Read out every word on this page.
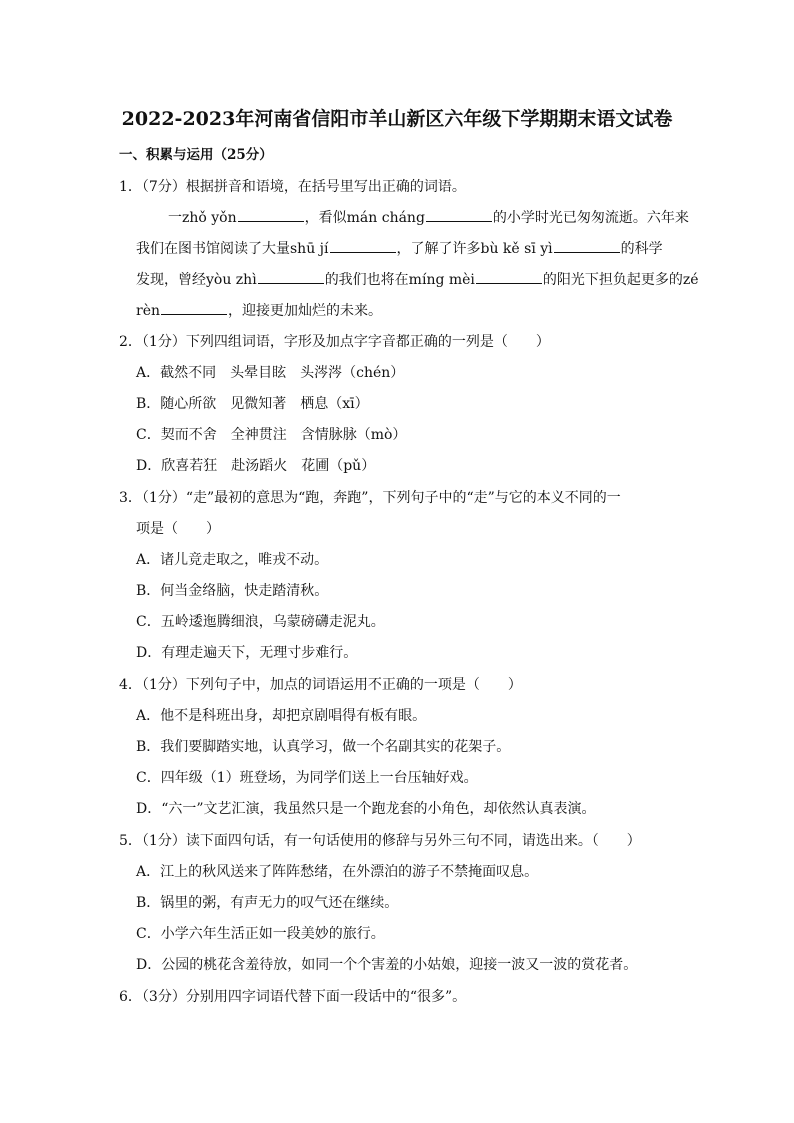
2022-2023年河南省信阳市羊山新区六年级下学期期末语文试卷
一、积累与运用（25分）
1．（7分）根据拼音和语境，在括号里写出正确的词语。
一zhǒ yǒn	，看似mán cháng	的小学时光已匆匆流逝。六年来
我们在图书馆阅读了大量shū jí	，了解了许多bù kě sī yì	的科学
发现，曾经yòu zhì	的我们也将在míng mèi	的阳光下担负起更多的zé
rèn	，迎接更加灿烂的未来。
2．（1分）下列四组词语，字形及加点字字音都正确的一列是（　　）
A．截然不同　头晕目眩　头涔涔（chén）
B．随心所欲　见微知著　栖息（xī）
C．契而不舍　全神贯注　含情脉脉（mò）
D．欣喜若狂　赴汤蹈火　花圃（pǔ）
3．（1分）“走”最初的意思为“跑，奔跑”，下列句子中的“走”与它的本义不同的一
项是（　　）
A．诸儿竞走取之，唯戎不动。
B．何当金络脑，快走踏清秋。
C．五岭逶迤腾细浪，乌蒙磅礴走泥丸。
D．有理走遍天下，无理寸步难行。
4．（1分）下列句子中，加点的词语运用不正确的一项是（　　）
A．他不是科班出身，却把京剧唱得有板有眼。
B．我们要脚踏实地，认真学习，做一个名副其实的花架子。
C．四年级（1）班登场，为同学们送上一台压轴好戏。
D．“六一”文艺汇演，我虽然只是一个跑龙套的小角色，却依然认真表演。
5．（1分）读下面四句话，有一句话使用的修辞与另外三句不同，请选出来。（　　）
A．江上的秋风送来了阵阵愁绪，在外漂泊的游子不禁掩面叹息。
B．锅里的粥，有声无力的叹气还在继续。
C．小学六年生活正如一段美妙的旅行。
D．公园的桃花含羞待放，如同一个个害羞的小姑娘，迎接一波又一波的赏花者。
6．（3分）分别用四字词语代替下面一段话中的“很多”。
